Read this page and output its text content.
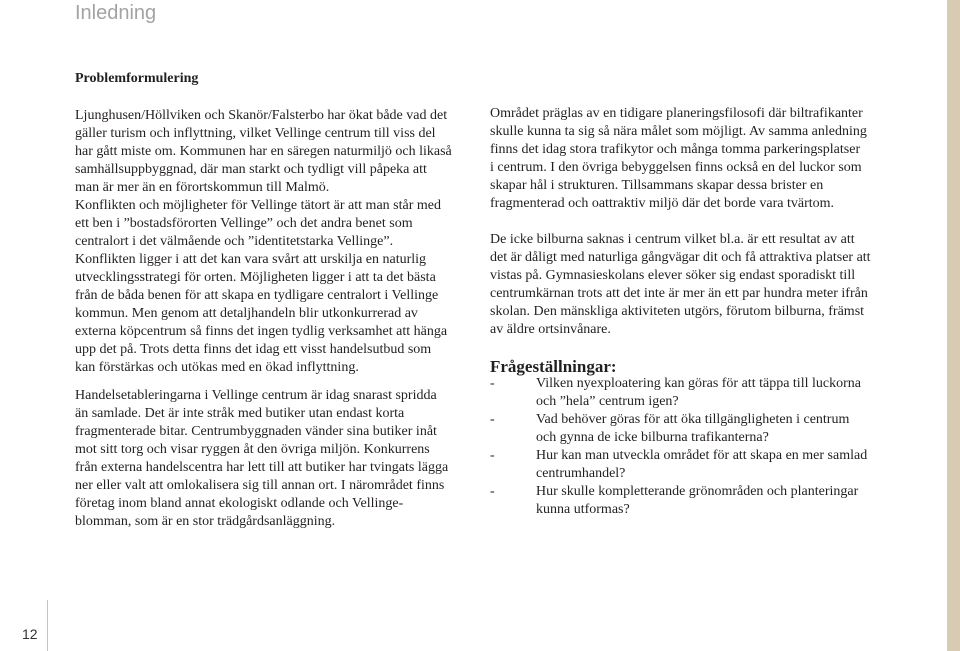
Inledning
Problemformulering

Ljunghusen/Höllviken och Skanör/Falsterbo har ökat både vad det
gäller turism och inflyttning, vilket Vellinge centrum till viss del
har gått miste om. Kommunen har en säregen naturmiljö och likaså
samhällsuppbyggnad, där man starkt och tydligt vill påpeka att
man är mer än en förortskommun till Malmö.

Konflikten och möjligheter för Vellinge tätort är att man står med
ett ben i ”bostadsförorten Vellinge” och det andra benet som
centralort i det välmående och ”identitetstarka Vellinge”.
Konflikten ligger i att det kan vara svårt att urskilja en naturlig
utvecklingsstrategi för orten. Möjligheten ligger i att ta det bästa
från de båda benen för att skapa en tydligare centralort i Vellinge
kommun. Men genom att detaljhandeln blir utkonkurrerad av
externa köpcentrum så finns det ingen tydlig verksamhet att hänga
upp det på. Trots detta finns det idag ett visst handelsutbud som
kan förstärkas och utökas med en ökad inflyttning.

Handelsetableringarna i Vellinge centrum är idag snarast spridda
än samlade. Det är inte stråk med butiker utan endast korta
fragmenterade bitar. Centrumbyggnaden vänder sina butiker inåt
mot sitt torg och visar ryggen åt den övriga miljön. Konkurrens
från externa handelscentra har lett till att butiker har tvingats lägga
ner eller valt att omlokalisera sig till annan ort. I närområdet finns
företag inom bland annat ekologiskt odlande och Vellinge-
blomman, som är en stor trädgårdsanläggning.

Området präglas av en tidigare planeringsfilosofi där biltrafikanter
skulle kunna ta sig så nära målet som möjligt. Av samma anledning
finns det idag stora trafikytor och många tomma parkeringsplatser
i centrum. I den övriga bebyggelsen finns också en del luckor som
skapar hål i strukturen. Tillsammans skapar dessa brister en
fragmenterad och oattraktiv miljö där det borde vara tvärtom.

De icke bilburna saknas i centrum vilket bl.a. är ett resultat av att
det är dåligt med naturliga gångvägar dit och få attraktiva platser att
vistas på. Gymnasieskolans elever söker sig endast sporadiskt till
centrumkärnan trots att det inte är mer än ett par hundra meter ifrån
skolan. Den mänskliga aktiviteten utgörs, förutom bilburna, främst
av äldre ortsinvånare.

Frågeställningar:
-	Vilken nyexploatering kan göras för att täppa till luckorna
och ”hela” centrum igen?
-	Vad behöver göras för att öka tillgängligheten i centrum
och gynna de icke bilburna trafikanterna?
-	Hur kan man utveckla området för att skapa en mer samlad
centrumhandel?
-	Hur skulle kompletterande grönområden och planteringar
kunna utformas?
12
